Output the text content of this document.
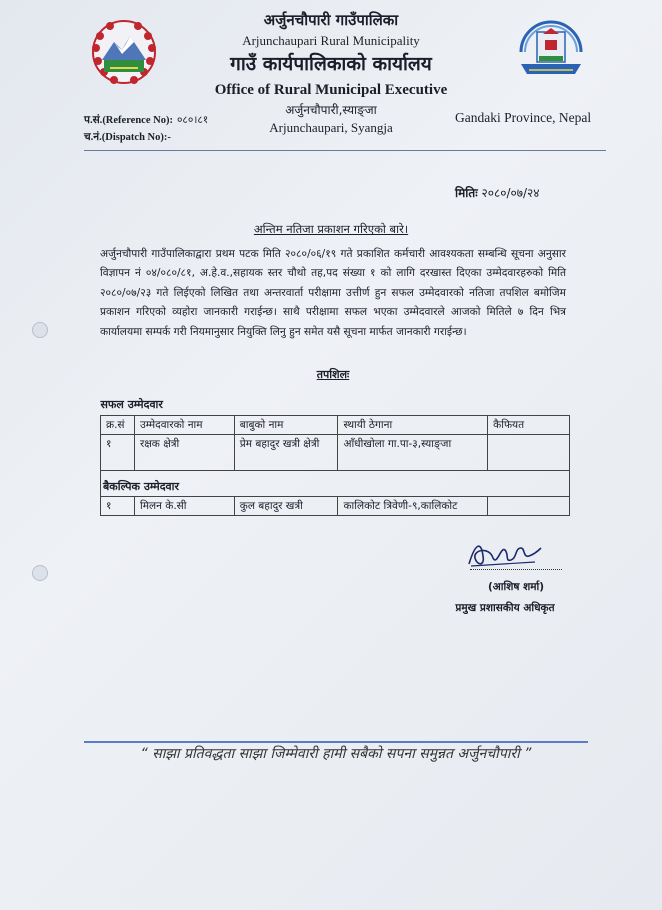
अर्जुनचौपारी गाउँपालिका
Arjunchaupari Rural Municipality
गाउँ कार्यपालिकाको कार्यालय
Office of Rural Municipal Executive
अर्जुनचौपारी,स्याङ्जा
Arjunchaupari, Syangja
प.सं.(Reference No): ०८०।८१
च.नं.(Dispatch No):-
Gandaki Province, Nepal
मितिः २०८०/०७/२४
अन्तिम नतिजा प्रकाशन गरिएको बारे।
अर्जुनचौपारी गाउँपालिकाद्वारा प्रथम पटक मिति २०८०/०६/१९ गते प्रकाशित कर्मचारी आवश्यकता सम्बन्धि सूचना अनुसार विज्ञापन नं ०४/०८०/८१, अ.हे.व.,सहायक स्तर चौथो तह,पद संख्या १ को लागि दरखास्त दिएका उम्मेदवारहरुको मिति २०८०/०७/२३ गते लिईएको लिखित तथा अन्तरवार्ता परीक्षामा उत्तीर्ण हुन सफल उम्मेदवारको नतिजा तपशिल बमोजिम प्रकाशन गरिएको व्यहोरा जानकारी गराईन्छ। साथै परीक्षामा सफल भएका उम्मेदवारले आजको मितिले ७ दिन भित्र कार्यालयमा सम्पर्क गरी नियमानुसार नियुक्ति लिनु हुन समेत यसै सूचना मार्फत जानकारी गराईन्छ।
तपशिलः
सफल उम्मेदवार				
क्र.सं	उम्मेदवारको नाम	बाबुको नाम	स्थायी ठेगाना	कैफियत
१	रक्षक क्षेत्री	प्रेम बहादुर खत्री क्षेत्री	आँधीखोला गा.पा-३,स्याङ्जा	
बैकल्पिक उम्मेदवार				
१	मिलन के.सी	कुल बहादुर खत्री	कालिकोट त्रिवेणी-९,कालिकोट	
(आशिष शर्मा)
प्रमुख प्रशासकीय अधिकृत
“ साझा प्रतिवद्धता साझा जिम्मेवारी हामी सबैको सपना समुन्नत अर्जुनचौपारी ”
